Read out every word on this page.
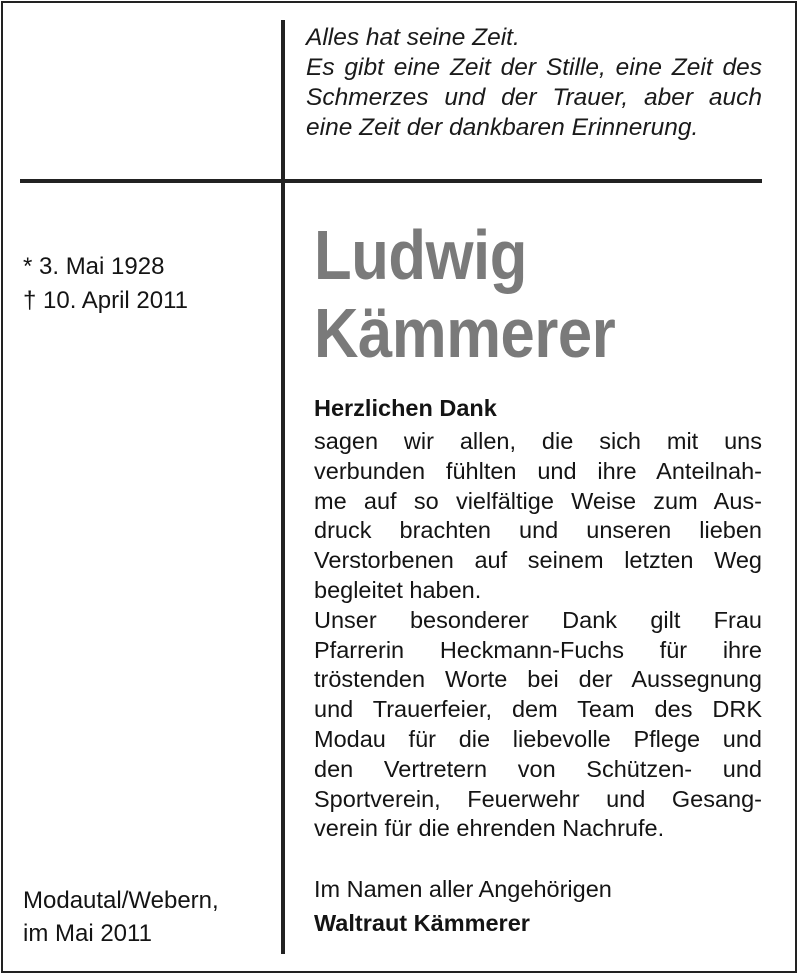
Alles hat seine Zeit.
Es gibt eine Zeit der Stille, eine Zeit des
Schmerzes und der Trauer, aber auch
eine Zeit der dankbaren Erinnerung.
* 3. Mai 1928
† 10. April 2011
Ludwig
Kämmerer
Herzlichen Dank
sagen wir allen, die sich mit uns
verbunden fühlten und ihre Anteilnah-
me auf so vielfältige Weise zum Aus-
druck brachten und unseren lieben
Verstorbenen auf seinem letzten Weg
begleitet haben.
Unser besonderer Dank gilt Frau
Pfarrerin Heckmann-Fuchs für ihre
tröstenden Worte bei der Aussegnung
und Trauerfeier, dem Team des DRK
Modau für die liebevolle Pflege und
den Vertretern von Schützen- und
Sportverein, Feuerwehr und Gesang-
verein für die ehrenden Nachrufe.
Modautal/Webern,
im Mai 2011
Im Namen aller Angehörigen
Waltraut Kämmerer
